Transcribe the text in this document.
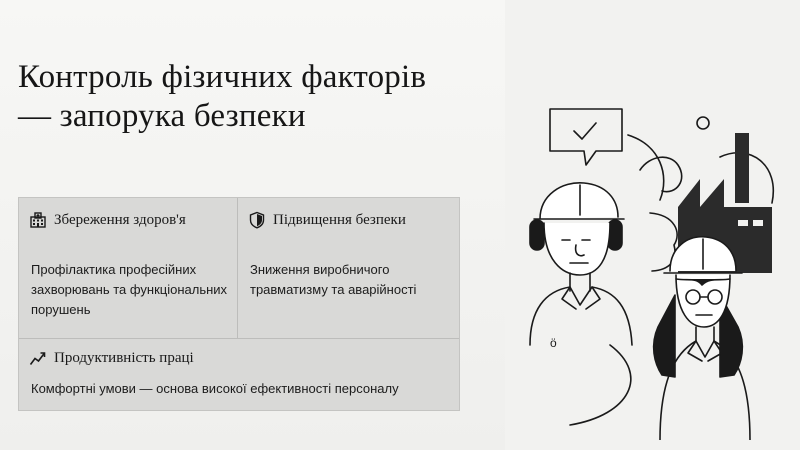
Контроль фізичних факторів
— запорука безпеки
Збереження здоров'я
Профілактика професійних захворювань та функціональних порушень
Підвищення безпеки
Зниження виробничого травматизму та аварійності
Продуктивність праці
Комфортні умови — основа високої ефективності персоналу
ö
